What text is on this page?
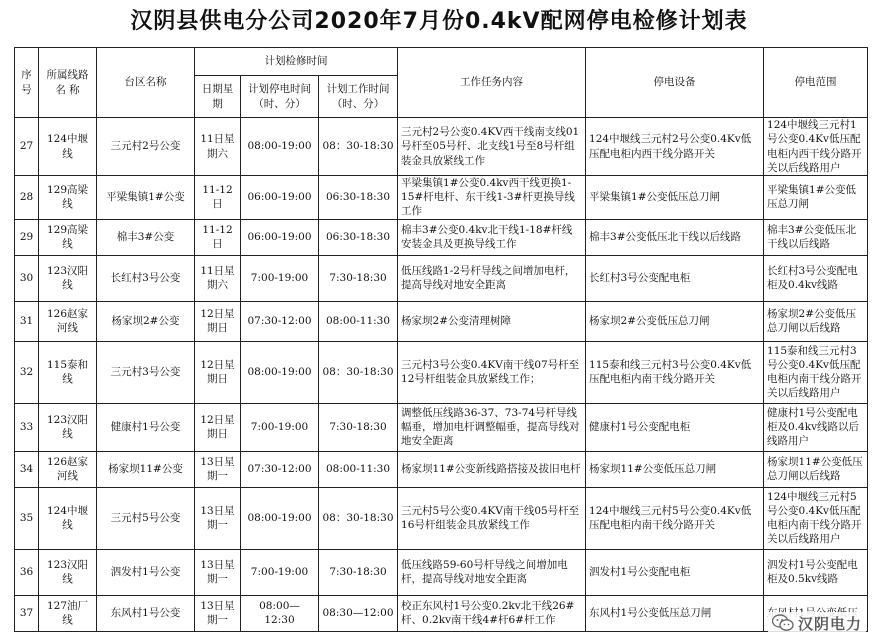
汉阴县供电分公司2020年7月份0.4kV配网停电检修计划表
序号	所属线路名 称	台区名称	计划检修时间			工作任务内容	停电设备	停电范围
			日期星期	计划停电时间（时、分）	计划工作时间（时、分）			
27	124中堰线	三元村2号公变	11日星期六	08:00-19:00	08：30-18:30	三元村2号公变0.4KV西干线南支线01号杆至05号杆、北支线1号至8号杆组装金具放紧线工作	124中堰线三元村2号公变0.4Kv低压配电柜内西干线分路开关	124中堰线三元村1号公变0.4Kv低压配电柜内西干线分路开关以后线路用户
28	129高梁线	平梁集镇1#公变	11-12日	06:00-19:00	06:30-18:30	平梁集镇1#公变0.4kv西干线更换1-15#杆电杆、东干线1-3#杆更换导线工作	平梁集镇1#公变低压总刀闸	平梁集镇1#公变低压总刀闸
29	129高梁线	棉丰3#公变	11-12日	06:00-19:00	06:30-18:30	棉丰3#公变0.4kv北干线1-18#杆线安装金具及更换导线工作	棉丰3#公变低压北干线以后线路	棉丰3#公变低压北干线以后线路
30	123汉阳线	长红村3号公变	11日星期六	7:00-19:00	7:30-18:30	低压线路1-2号杆导线之间增加电杆，提高导线对地安全距离	长红村3号公变配电柜	长红村3号公变配电柜及0.4kv线路
31	126赵家河线	杨家坝2#公变	12日星期日	07:30-12:00	08:00-11:30	杨家坝2#公变清理树障	杨家坝2#公变低压总刀闸	杨家坝2#公变低压总刀闸以后线路
32	115泰和线	三元村3号公变	12日星期日	08:00-19:00	08：30-18:30	三元村3号公变0.4KV南干线07号杆至12号杆组装金具放紧线工作；	115泰和线三元村3号公变0.4Kv低压配电柜内南干线分路开关	115泰和线三元村3号公变0.4Kv低压配电柜内南干线分路开关以后线路用户
33	123汉阳线	健康村1号公变	12日星期日	7:00-19:00	7:30-18:30	调整低压线路36-37、73-74号杆导线幅垂，增加电杆调整幅垂，提高导线对地安全距离	健康村1号公变配电柜	健康村1号公变配电柜及0.4kv线路以后线路用户
34	126赵家河线	杨家坝11#公变	13日星期一	07:30-12:00	08:00-11:30	杨家坝11#公变新线路搭接及拔旧电杆	杨家坝11#公变低压总刀闸	杨家坝11#公变低压总刀闸以后线路
35	124中堰线	三元村5号公变	13日星期一	08:00-19:00	08：30-18:30	三元村5号公变0.4KV南干线05号杆至16号杆组装金具放紧线工作	124中堰线三元村5号公变0.4Kv低压配电柜内南干线分路开关	124中堰线三元村5号公变0.4Kv低压配电柜内南干线分路开关以后线路用户
36	123汉阳线	泗发村1号公变	13日星期一	7:00-19:00	7:30-18:30	低压线路59-60号杆导线之间增加电杆，提高导线对地安全距离	泗发村1号公变配电柜	泗发村1号公变配电柜及0.5kv线路
37	127油厂线	东风村1号公变	13日星期一	08:00—12:30	08:30—12:00	校正东风村1号公变0.2kv北干线26#杆、0.2kv南干线4#杆6#杆工作	东风村1号公变低压总刀闸	
汉阴电力
